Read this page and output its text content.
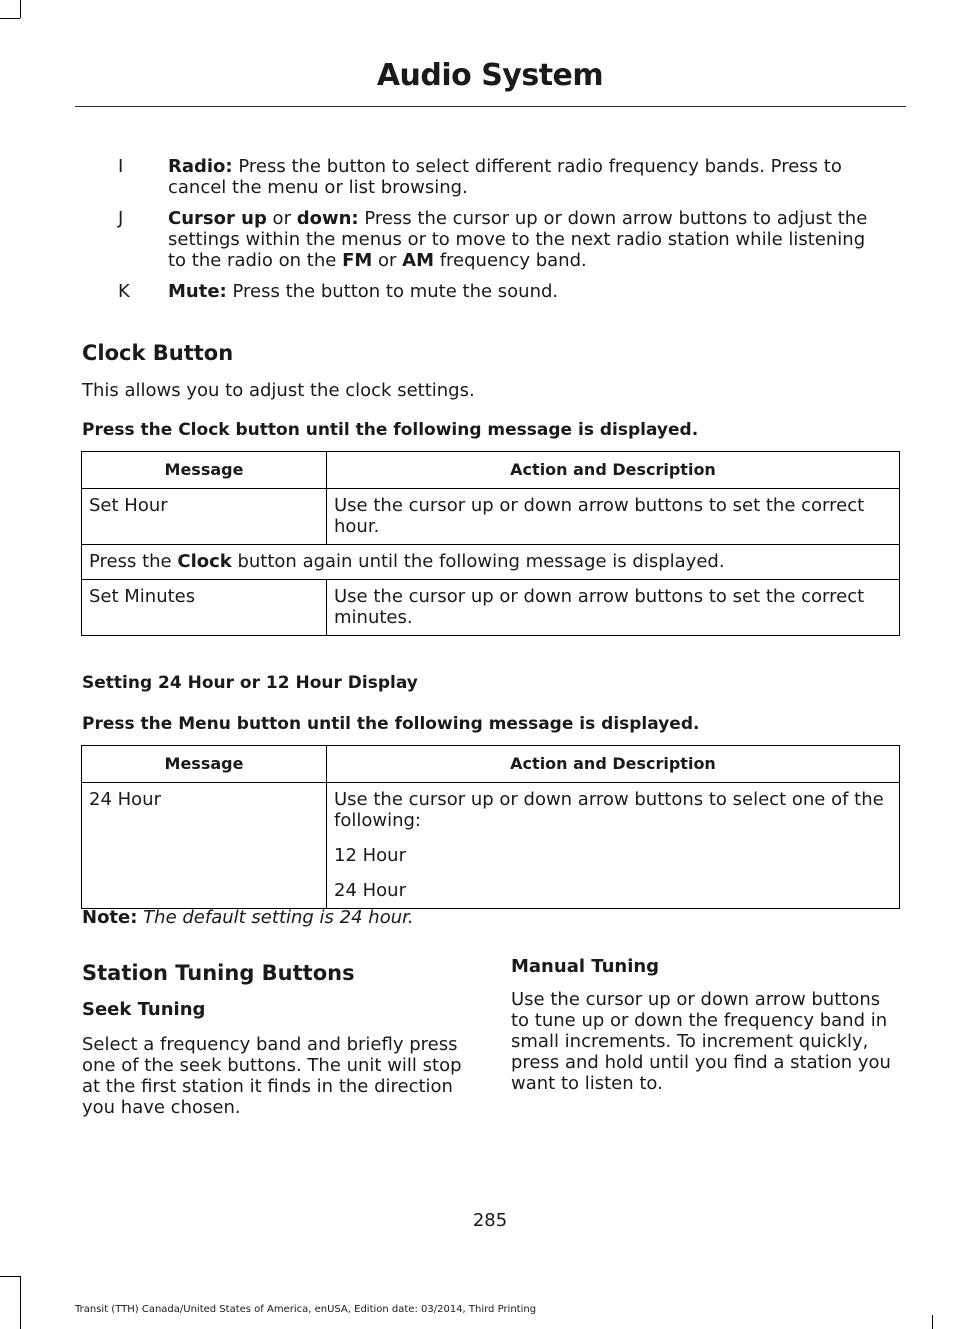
Audio System
I Radio: Press the button to select different radio frequency bands. Press to cancel the menu or list browsing.
J Cursor up or down: Press the cursor up or down arrow buttons to adjust the settings within the menus or to move to the next radio station while listening to the radio on the FM or AM frequency band.
K Mute: Press the button to mute the sound.
Clock Button
This allows you to adjust the clock settings.
Press the Clock button until the following message is displayed.
Message	Action and Description
Set Hour	Use the cursor up or down arrow buttons to set the correct hour.
Press the Clock button again until the following message is displayed.	
Set Minutes	Use the cursor up or down arrow buttons to set the correct minutes.
Setting 24 Hour or 12 Hour Display
Press the Menu button until the following message is displayed.
Message	Action and Description
24 Hour	Use the cursor up or down arrow buttons to select one of the following:
12 Hour
24 Hour
Note: The default setting is 24 hour.
Station Tuning Buttons
Seek Tuning
Select a frequency band and briefly press one of the seek buttons. The unit will stop at the first station it finds in the direction you have chosen.
Manual Tuning
Use the cursor up or down arrow buttons to tune up or down the frequency band in small increments. To increment quickly, press and hold until you find a station you want to listen to.
285
Transit (TTH) Canada/United States of America, enUSA, Edition date: 03/2014, Third Printing
